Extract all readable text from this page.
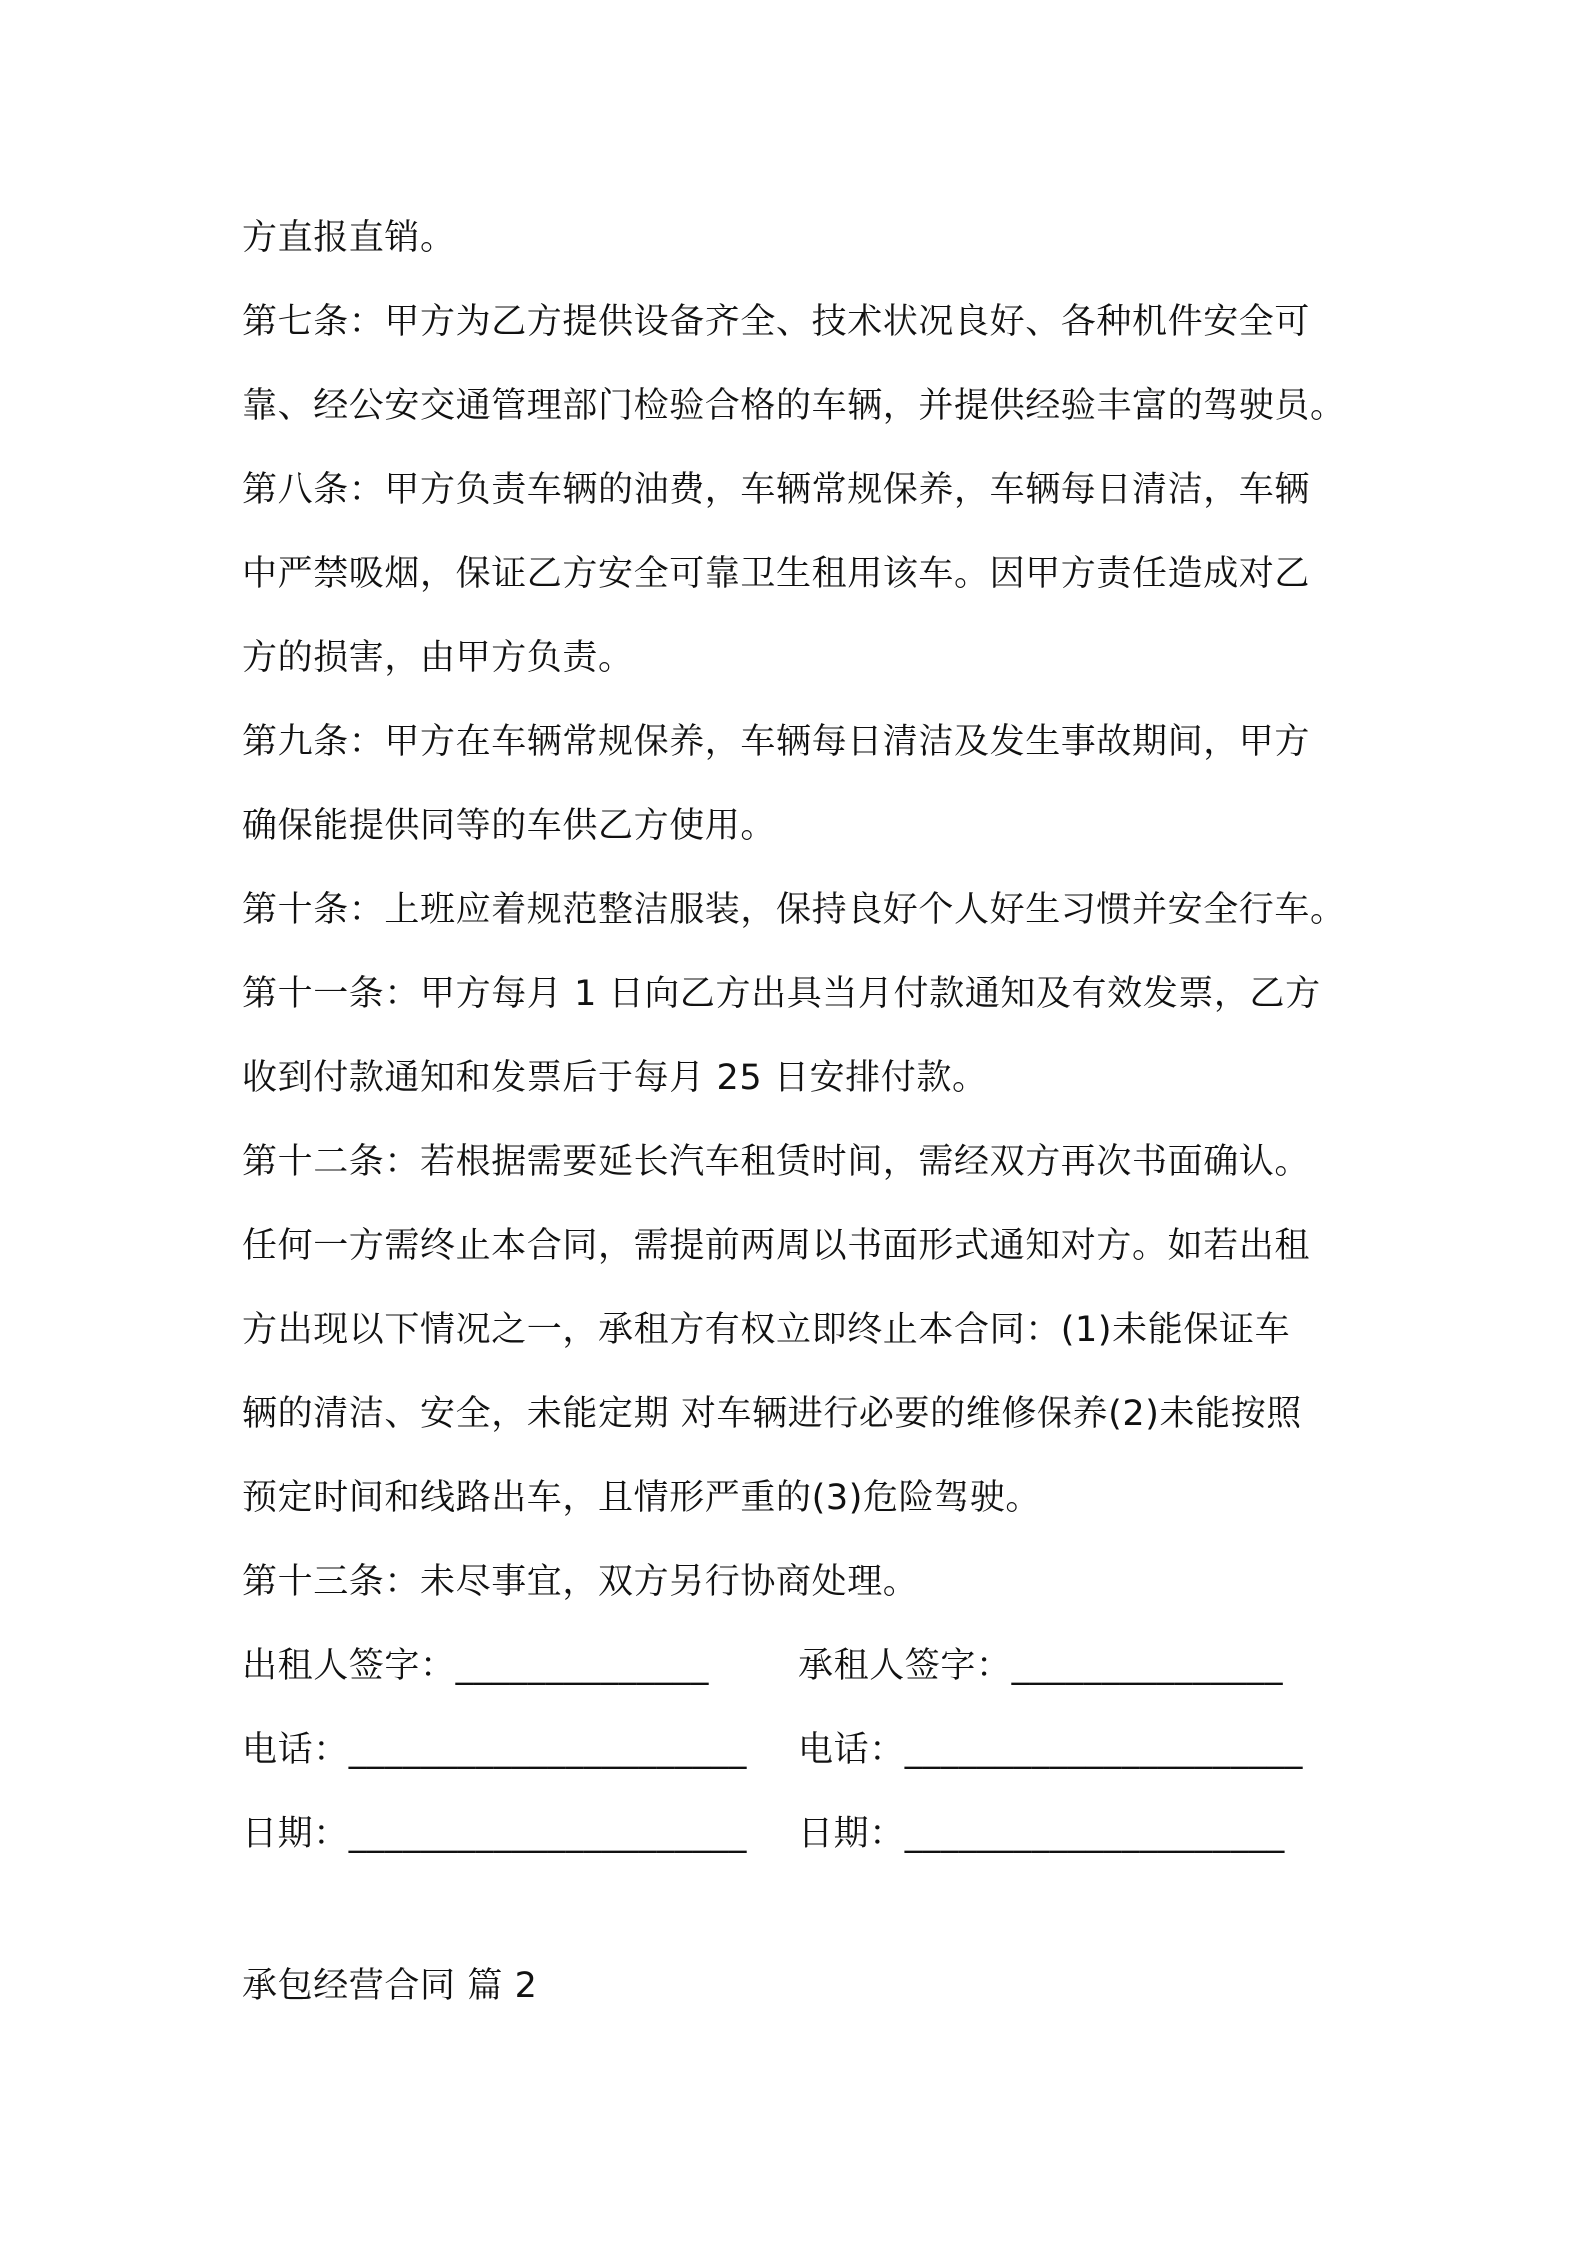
方直报直销。
第七条：甲方为乙方提供设备齐全、技术状况良好、各种机件安全可
靠、经公安交通管理部门检验合格的车辆，并提供经验丰富的驾驶员。
第八条：甲方负责车辆的油费，车辆常规保养，车辆每日清洁，车辆
中严禁吸烟，保证乙方安全可靠卫生租用该车。因甲方责任造成对乙
方的损害，由甲方负责。
第九条：甲方在车辆常规保养，车辆每日清洁及发生事故期间，甲方
确保能提供同等的车供乙方使用。
第十条：上班应着规范整洁服装，保持良好个人好生习惯并安全行车。
第十一条：甲方每月 1 日向乙方出具当月付款通知及有效发票，乙方
收到付款通知和发票后于每月 25 日安排付款。
第十二条：若根据需要延长汽车租赁时间，需经双方再次书面确认。
任何一方需终止本合同，需提前两周以书面形式通知对方。如若出租
方出现以下情况之一，承租方有权立即终止本合同：(1)未能保证车
辆的清洁、安全，未能定期 对车辆进行必要的维修保养(2)未能按照
预定时间和线路出车，且情形严重的(3)危险驾驶。
第十三条：未尽事宜，双方另行协商处理。
出租人签字：______________	承租人签字：_______________
电话：______________________	电话：______________________
日期：______________________	日期：_____________________
承包经营合同 篇 2
